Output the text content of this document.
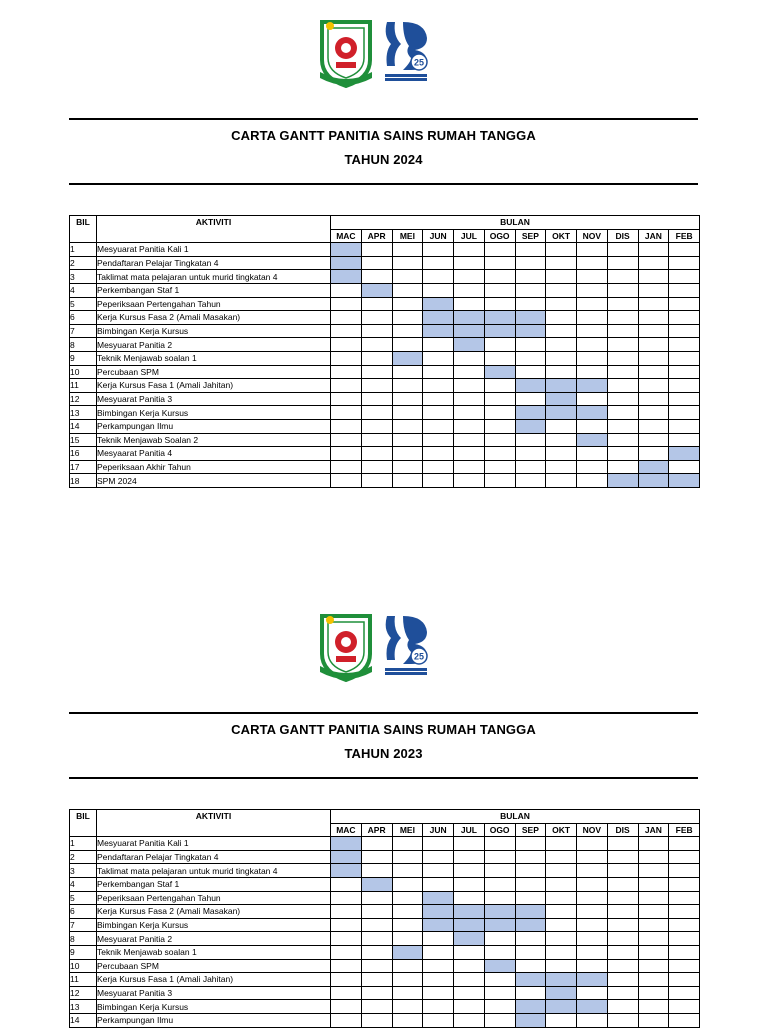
25
CARTA GANTT PANITIA SAINS RUMAH TANGGA
TAHUN 2024
BIL	AKTIVITI	BULAN											
		MAC	APR	MEI	JUN	JUL	OGO	SEP	OKT	NOV	DIS	JAN	FEB
1	Mesyuarat Panitia Kali 1												
2	Pendaftaran Pelajar Tingkatan 4												
3	Taklimat mata pelajaran untuk murid tingkatan 4												
4	Perkembangan Staf 1												
5	Peperiksaan Pertengahan Tahun												
6	Kerja Kursus Fasa 2 (Amali Masakan)												
7	Bimbingan Kerja Kursus												
8	Mesyuarat Panitia 2												
9	Teknik Menjawab soalan 1												
10	Percubaan SPM												
11	Kerja Kursus Fasa 1 (Amali Jahitan)												
12	Mesyuarat Panitia 3												
13	Bimbingan Kerja Kursus												
14	Perkampungan Ilmu												
15	Teknik Menjawab Soalan 2												
16	Mesyaarat Panitia 4												
17	Peperiksaan Akhir Tahun												
18	SPM 2024												
25
CARTA GANTT PANITIA SAINS RUMAH TANGGA
TAHUN 2023
BIL	AKTIVITI	BULAN											
		MAC	APR	MEI	JUN	JUL	OGO	SEP	OKT	NOV	DIS	JAN	FEB
1	Mesyuarat Panitia Kali 1												
2	Pendaftaran Pelajar Tingkatan 4												
3	Taklimat mata pelajaran untuk murid tingkatan 4												
4	Perkembangan Staf 1												
5	Peperiksaan Pertengahan Tahun												
6	Kerja Kursus Fasa 2 (Amali Masakan)												
7	Bimbingan Kerja Kursus												
8	Mesyuarat Panitia 2												
9	Teknik Menjawab soalan 1												
10	Percubaan SPM												
11	Kerja Kursus Fasa 1 (Amali Jahitan)												
12	Mesyuarat Panitia 3												
13	Bimbingan Kerja Kursus												
14	Perkampungan Ilmu												
